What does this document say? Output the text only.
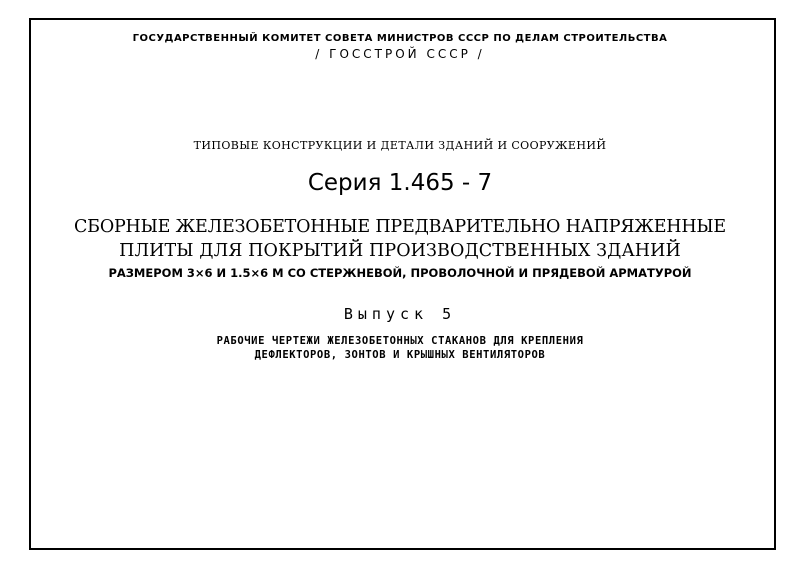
ГОСУДАРСТВЕННЫЙ КОМИТЕТ СОВЕТА МИНИСТРОВ СССР ПО ДЕЛАМ СТРОИТЕЛЬСТВА
/ ГОССТРОЙ СССР /
ТИПОВЫЕ КОНСТРУКЦИИ И ДЕТАЛИ ЗДАНИЙ И СООРУЖЕНИЙ
Серия 1.465 - 7
СБОРНЫЕ ЖЕЛЕЗОБЕТОННЫЕ ПРЕДВАРИТЕЛЬНО НАПРЯЖЕННЫЕ
ПЛИТЫ ДЛЯ ПОКРЫТИЙ ПРОИЗВОДСТВЕННЫХ ЗДАНИЙ
РАЗМЕРОМ 3×6 И 1.5×6 М СО СТЕРЖНЕВОЙ, ПРОВОЛОЧНОЙ И ПРЯДЕВОЙ АРМАТУРОЙ
Выпуск 5
РАБОЧИЕ ЧЕРТЕЖИ ЖЕЛЕЗОБЕТОННЫХ СТАКАНОВ ДЛЯ КРЕПЛЕНИЯ
ДЕФЛЕКТОРОВ, ЗОНТОВ И КРЫШНЫХ ВЕНТИЛЯТОРОВ
